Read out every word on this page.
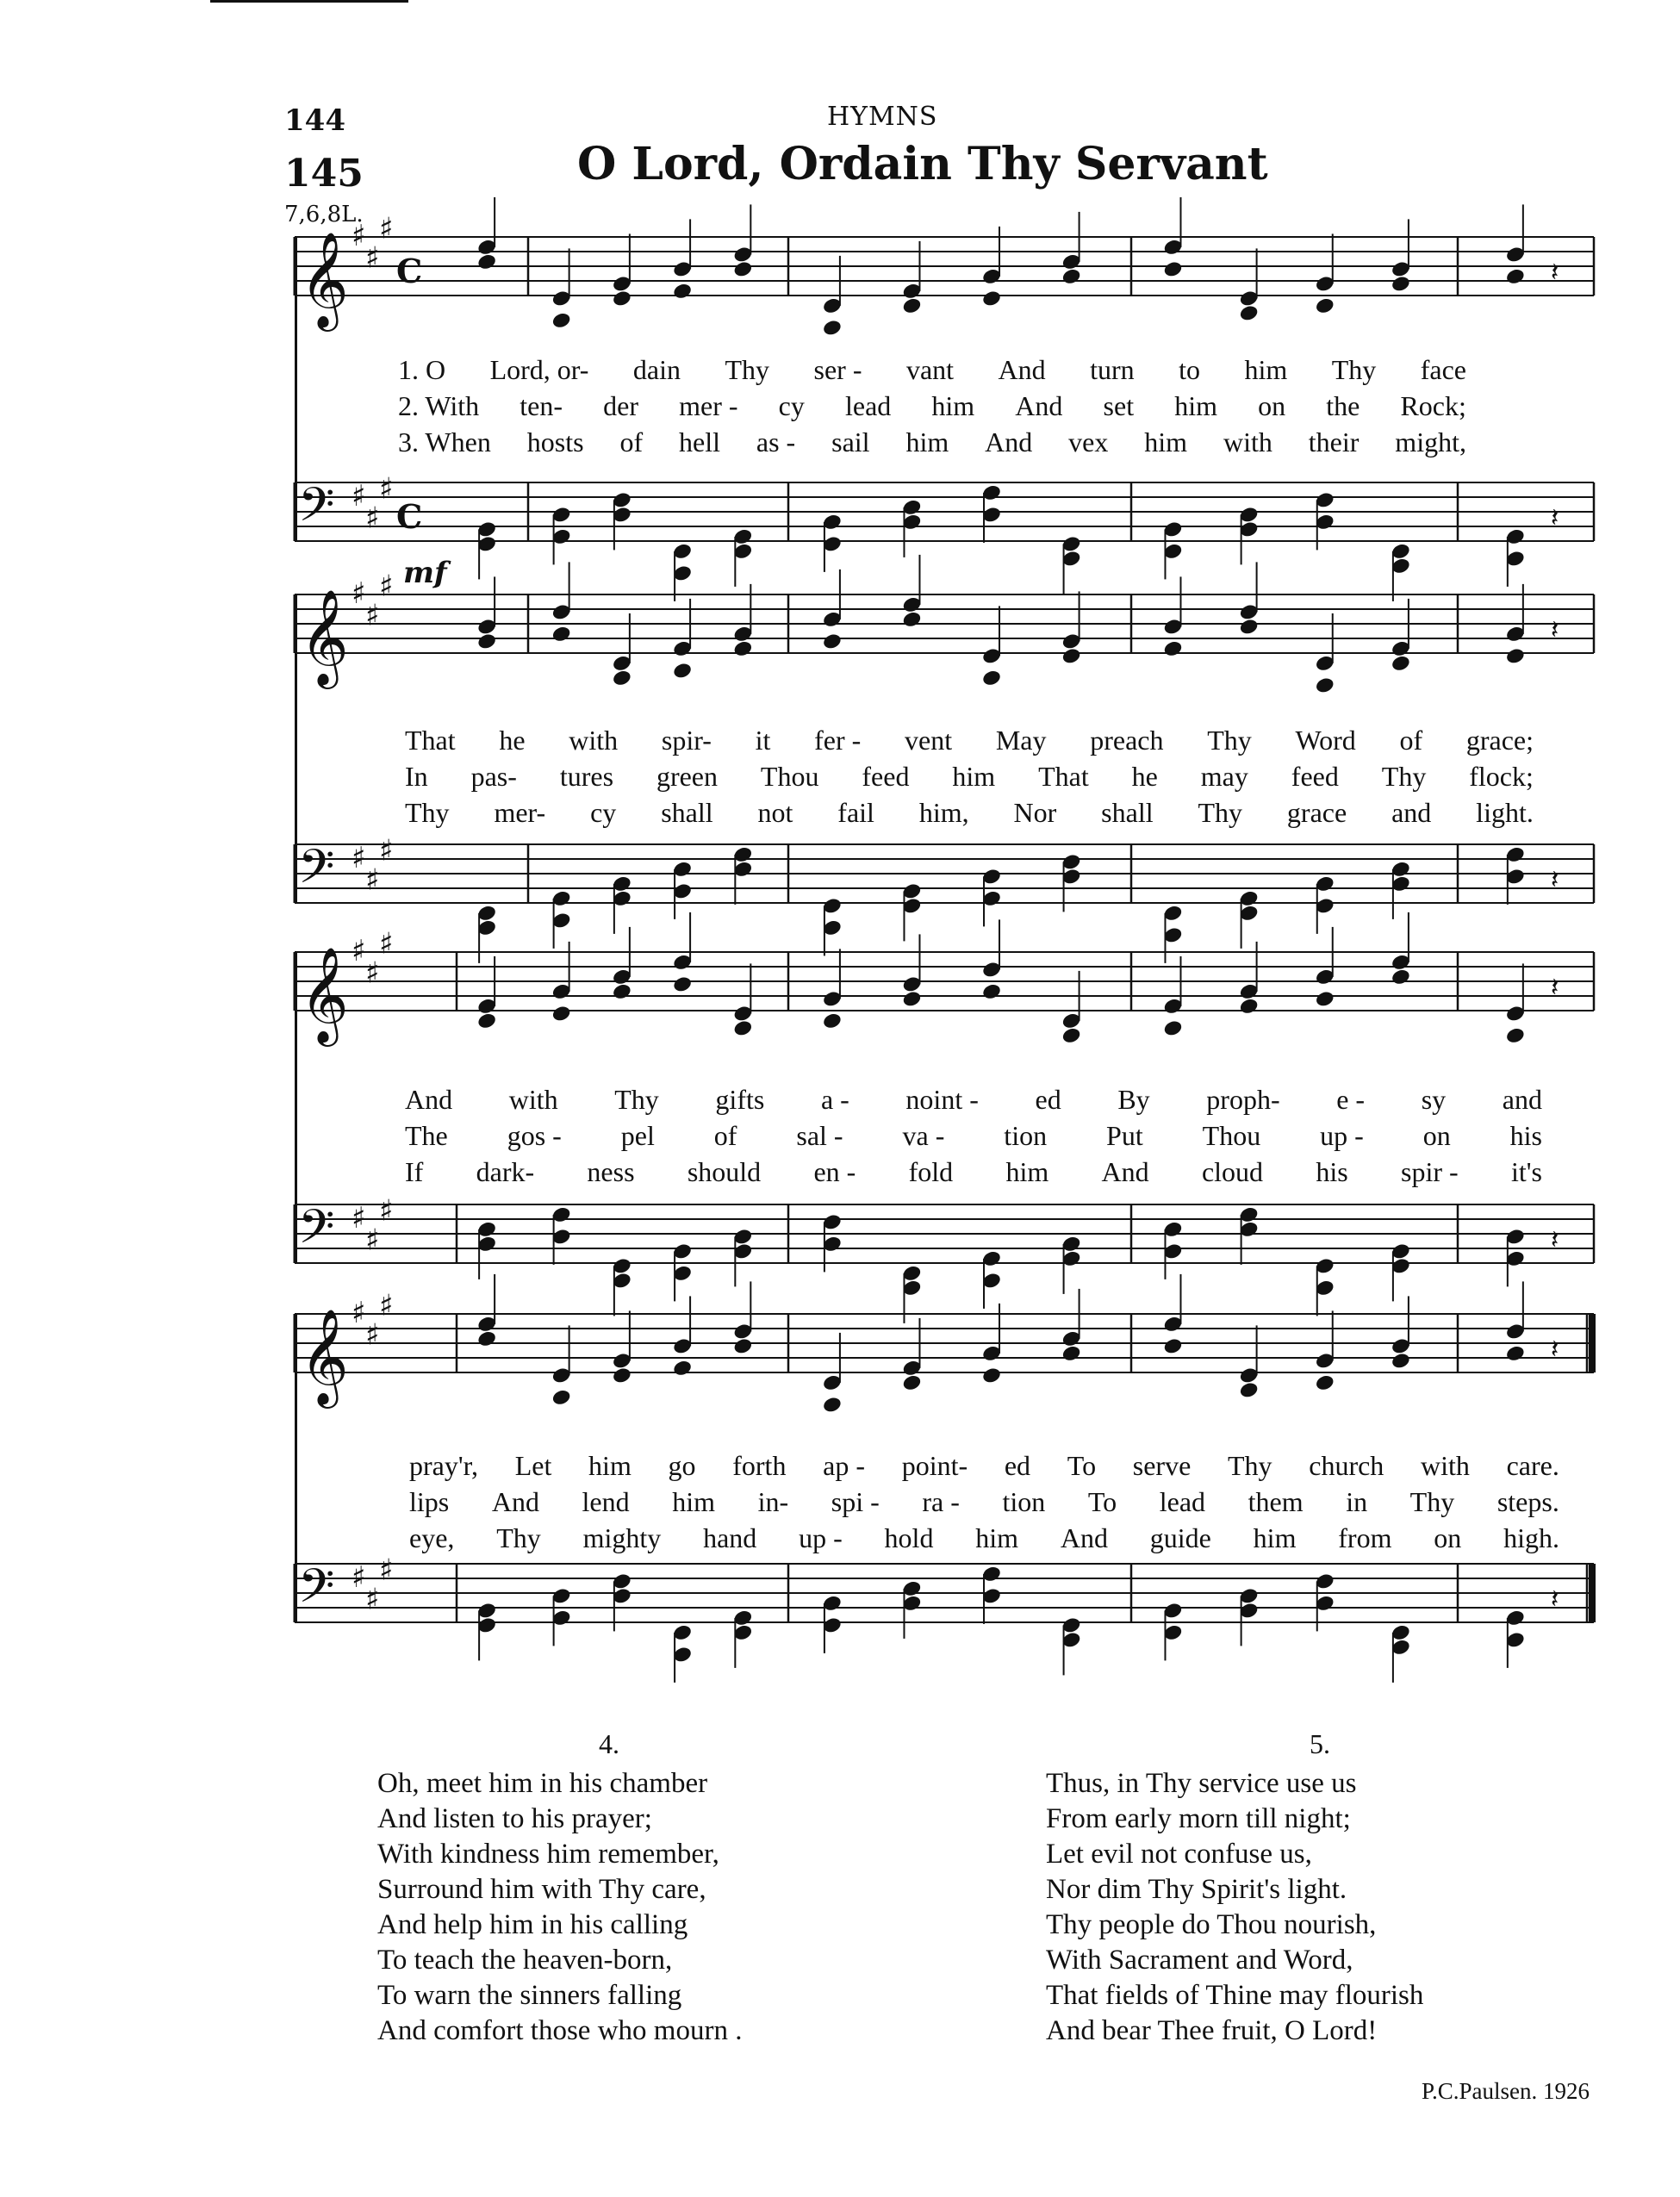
144	HYMNS
145	O Lord, Ordain Thy Servant
7,6,8L.
𝄞 ♯
♯
♯
C	𝄽
1. O Lord, or- dain Thy ser - vant And turn to him Thy face
2. With ten- der mer - cy lead him And set him on the Rock;
3. When hosts of hell as - sail him And vex him with their might,
𝄢 ♯
♯
♯
C	𝄽
𝄞 ♯
♯
♯
𝄽
That he with spir- it fer - vent May preach Thy Word of grace;
In pas- tures green Thou feed him That he may feed Thy flock;
Thy mer- cy shall not fail him, Nor shall Thy grace and light.
𝄢 ♯
♯
♯
𝄽
𝄞 ♯
♯
♯
𝄽
And with Thy gifts a - noint - ed By proph- e - sy and
The gos - pel of sal - va - tion Put Thou up - on his
If dark- ness should en - fold him And cloud his spir - it's
𝄢 ♯
♯
♯
𝄽
𝄞 ♯
♯
♯
𝄽
pray'r, Let him go forth ap - point- ed To serve Thy church with care.
lips And lend him in- spi - ra - tion To lead them in Thy steps.
eye, Thy mighty hand up - hold him And guide him from on high.
𝄢 ♯
♯
♯
𝄽
mf
4.
Oh, meet him in his chamber
And listen to his prayer;
With kindness him remember,
Surround him with Thy care,
And help him in his calling
To teach the heaven-born,
To warn the sinners falling
And comfort those who mourn .
5.
Thus, in Thy service use us
From early morn till night;
Let evil not confuse us,
Nor dim Thy Spirit's light.
Thy people do Thou nourish,
With Sacrament and Word,
That fields of Thine may flourish
And bear Thee fruit, O Lord!
P.C.Paulsen. 1926
